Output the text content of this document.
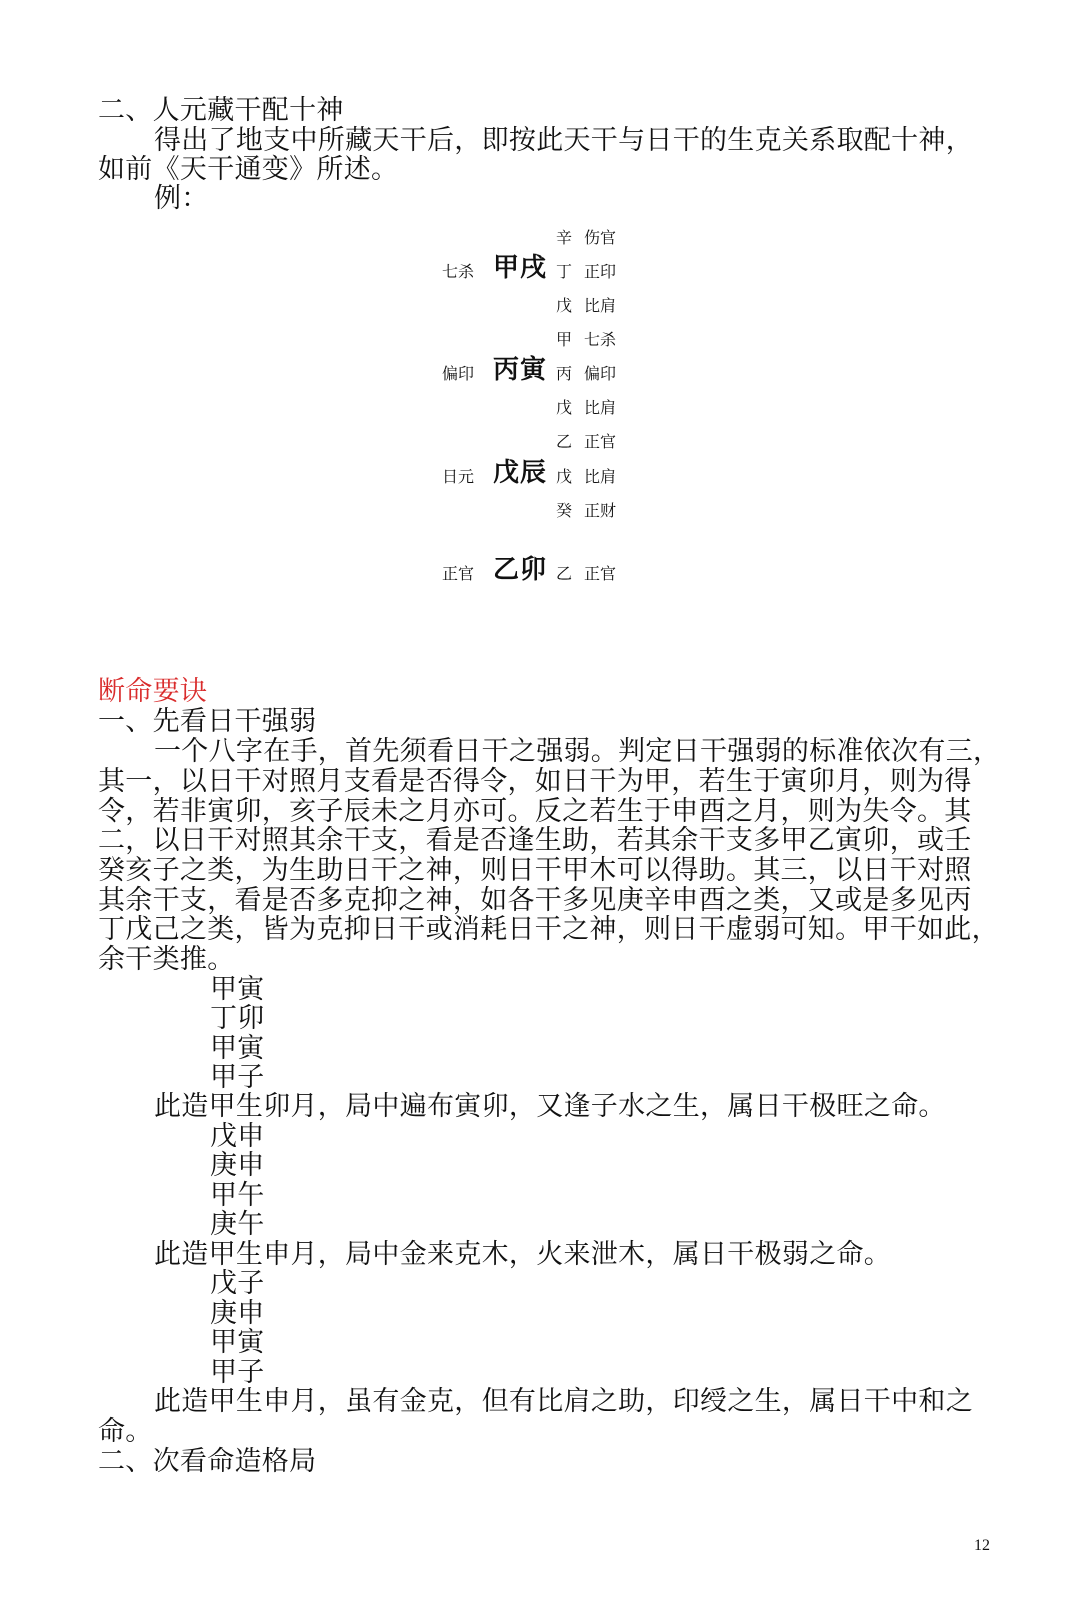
二、人元藏干配十神
得出了地支中所藏天干后，即按此天干与日干的生克关系取配十神，
如前《天干通变》所述。
例：
辛 伤官
七杀 甲戌 丁 正印
戊 比肩
甲 七杀
偏印 丙寅 丙 偏印
戊 比肩
乙 正官
日元 戊辰 戊 比肩
癸 正财
正官 乙卯 乙 正官
断命要诀
一、先看日干强弱
一个八字在手，首先须看日干之强弱。判定日干强弱的标准依次有三，
其一，以日干对照月支看是否得令，如日干为甲，若生于寅卯月，则为得
令，若非寅卯，亥子辰未之月亦可。反之若生于申酉之月，则为失令。其
二，以日干对照其余干支，看是否逢生助，若其余干支多甲乙寅卯，或壬
癸亥子之类，为生助日干之神，则日干甲木可以得助。其三，以日干对照
其余干支，看是否多克抑之神，如各干多见庚辛申酉之类，又或是多见丙
丁戊己之类，皆为克抑日干或消耗日干之神，则日干虚弱可知。甲干如此，
余干类推。
甲寅
丁卯
甲寅
甲子
此造甲生卯月，局中遍布寅卯，又逢子水之生，属日干极旺之命。
戊申
庚申
甲午
庚午
此造甲生申月，局中金来克木，火来泄木，属日干极弱之命。
戊子
庚申
甲寅
甲子
此造甲生申月，虽有金克，但有比肩之助，印绶之生，属日干中和之
命。
二、次看命造格局
12
